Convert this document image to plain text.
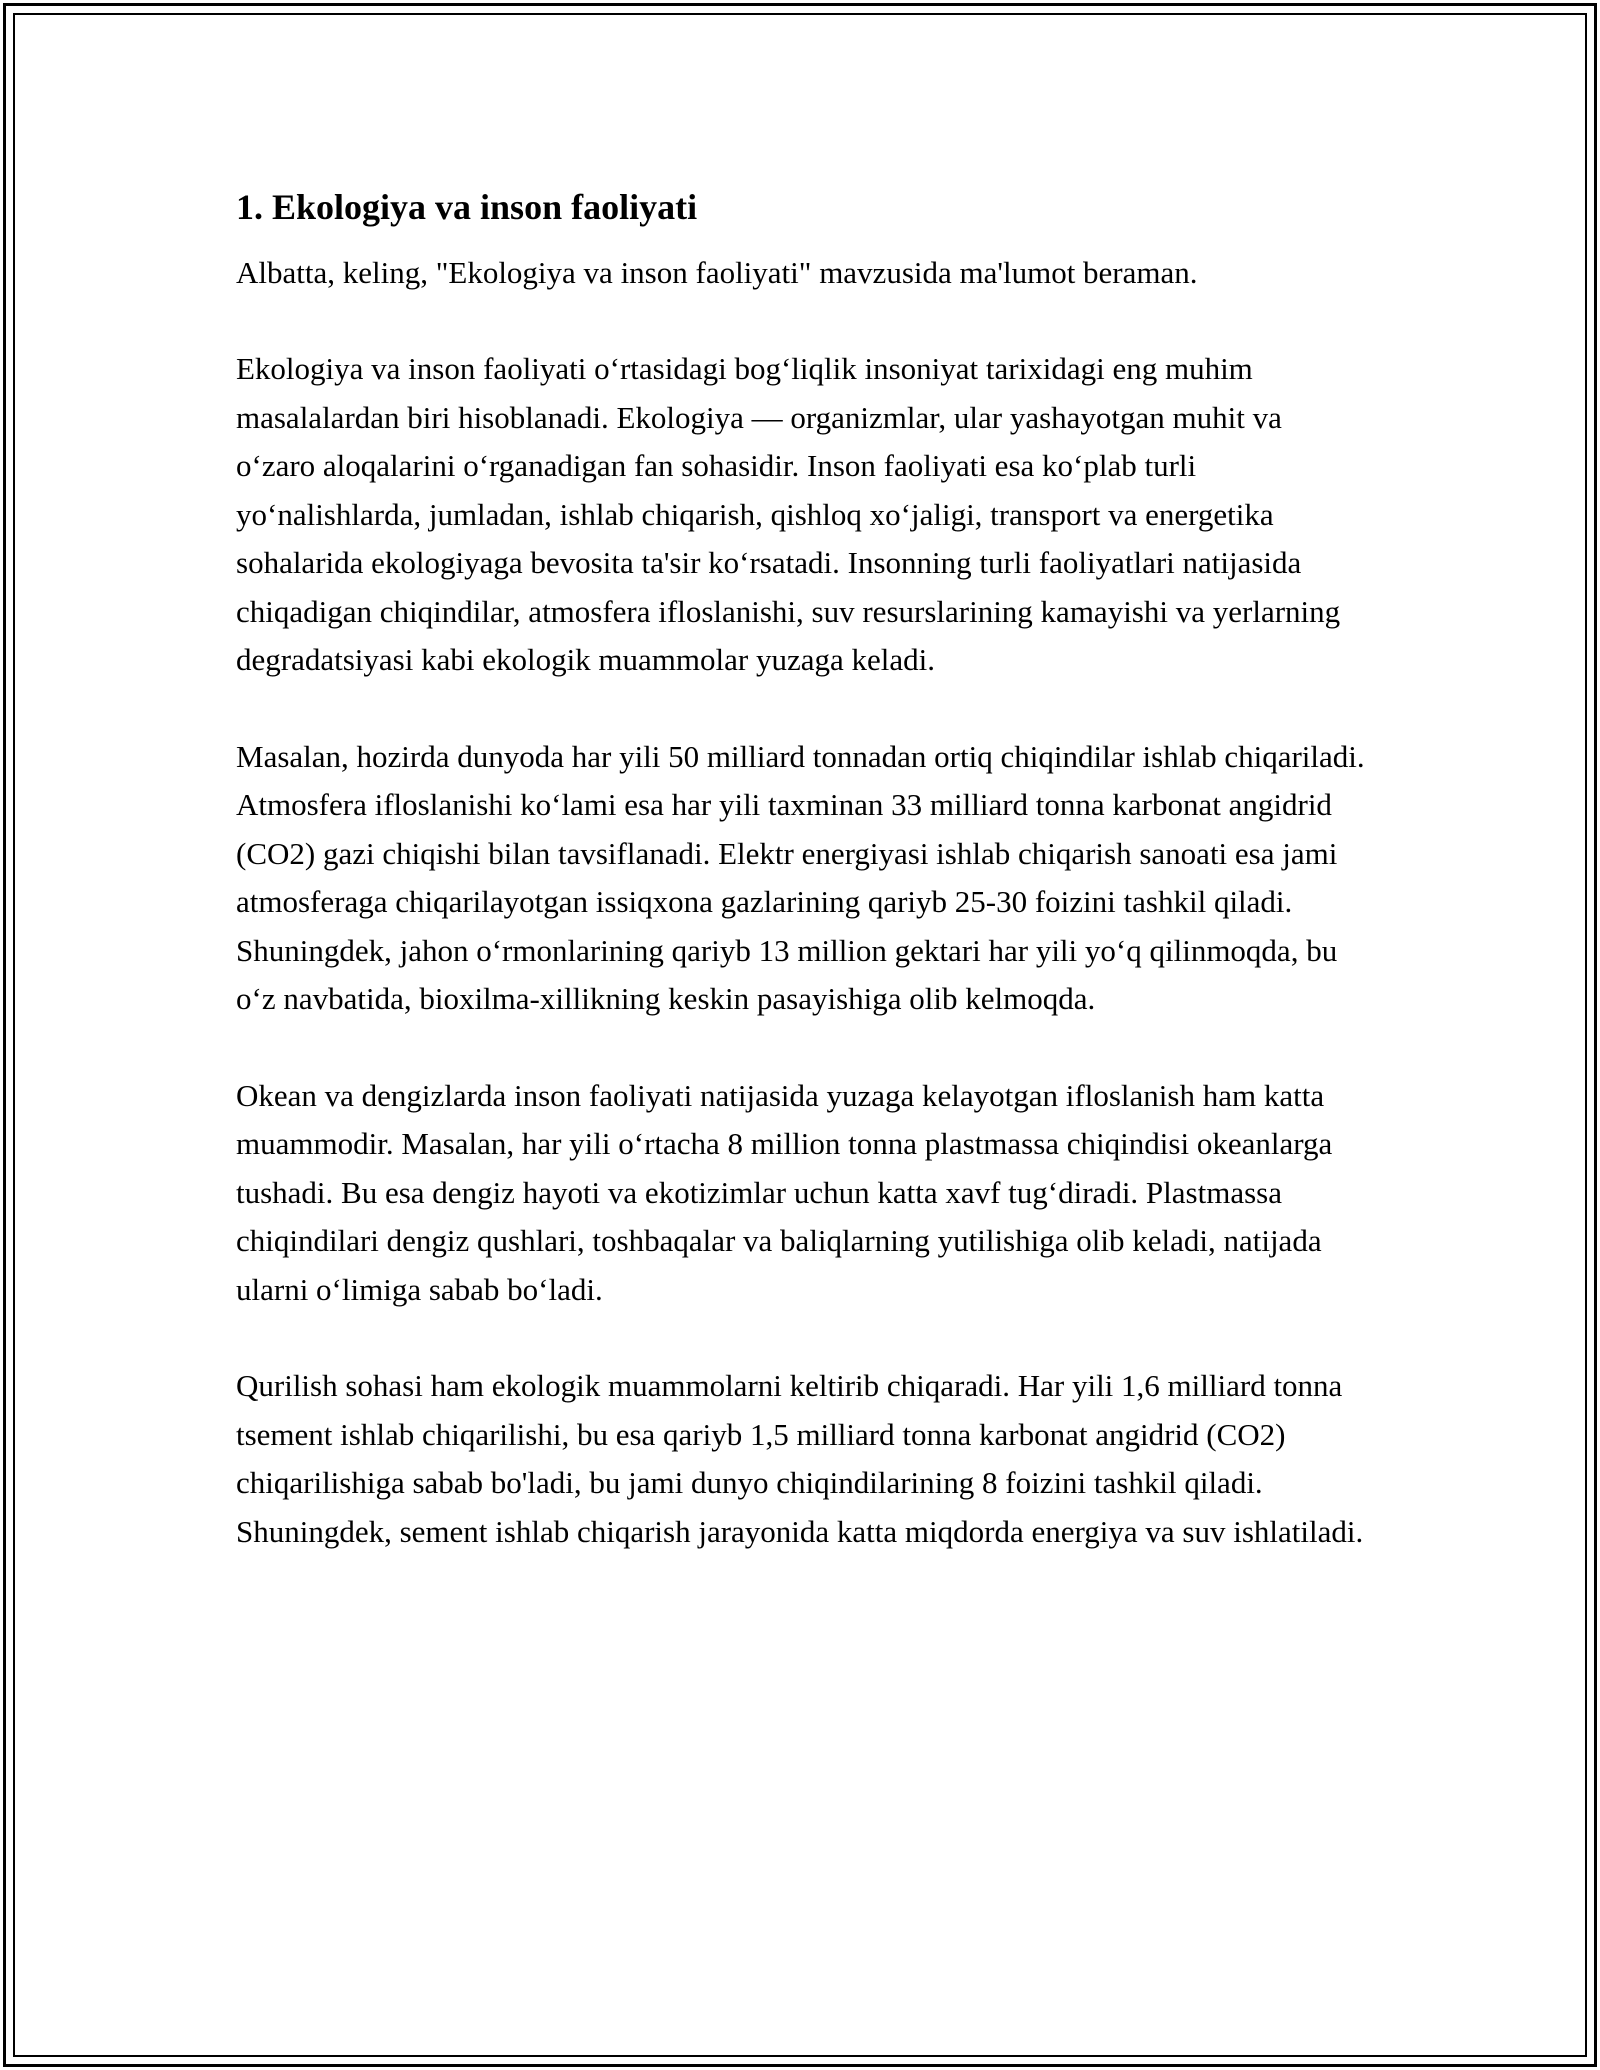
1. Ekologiya va inson faoliyati

Albatta, keling, "Ekologiya va inson faoliyati" mavzusida ma'lumot beraman.

Ekologiya va inson faoliyati o‘rtasidagi bog‘liqlik insoniyat tarixidagi eng muhim masalalardan biri hisoblanadi. Ekologiya — organizmlar, ular yashayotgan muhit va o‘zaro aloqalarini o‘rganadigan fan sohasidir. Inson faoliyati esa ko‘plab turli yo‘nalishlarda, jumladan, ishlab chiqarish, qishloq xo‘jaligi, transport va energetika sohalarida ekologiyaga bevosita ta'sir ko‘rsatadi. Insonning turli faoliyatlari natijasida chiqadigan chiqindilar, atmosfera ifloslanishi, suv resurslarining kamayishi va yerlarning degradatsiyasi kabi ekologik muammolar yuzaga keladi.

Masalan, hozirda dunyoda har yili 50 milliard tonnadan ortiq chiqindilar ishlab chiqariladi. Atmosfera ifloslanishi ko‘lami esa har yili taxminan 33 milliard tonna karbonat angidrid (CO2) gazi chiqishi bilan tavsiflanadi. Elektr energiyasi ishlab chiqarish sanoati esa jami atmosferaga chiqarilayotgan issiqxona gazlarining qariyb 25-30 foizini tashkil qiladi. Shuningdek, jahon o‘rmonlarining qariyb 13 million gektari har yili yo‘q qilinmoqda, bu o‘z navbatida, bioxilma-xillikning keskin pasayishiga olib kelmoqda.

Okean va dengizlarda inson faoliyati natijasida yuzaga kelayotgan ifloslanish ham katta muammodir. Masalan, har yili o‘rtacha 8 million tonna plastmassa chiqindisi okeanlarga tushadi. Bu esa dengiz hayoti va ekotizimlar uchun katta xavf tug‘diradi. Plastmassa chiqindilari dengiz qushlari, toshbaqalar va baliqlarning yutilishiga olib keladi, natijada ularni o‘limiga sabab bo‘ladi.

Qurilish sohasi ham ekologik muammolarni keltirib chiqaradi. Har yili 1,6 milliard tonna tsement ishlab chiqarilishi, bu esa qariyb 1,5 milliard tonna karbonat angidrid (CO2) chiqarilishiga sabab bo'ladi, bu jami dunyo chiqindilarining 8 foizini tashkil qiladi. Shuningdek, sement ishlab chiqarish jarayonida katta miqdorda energiya va suv ishlatiladi.
